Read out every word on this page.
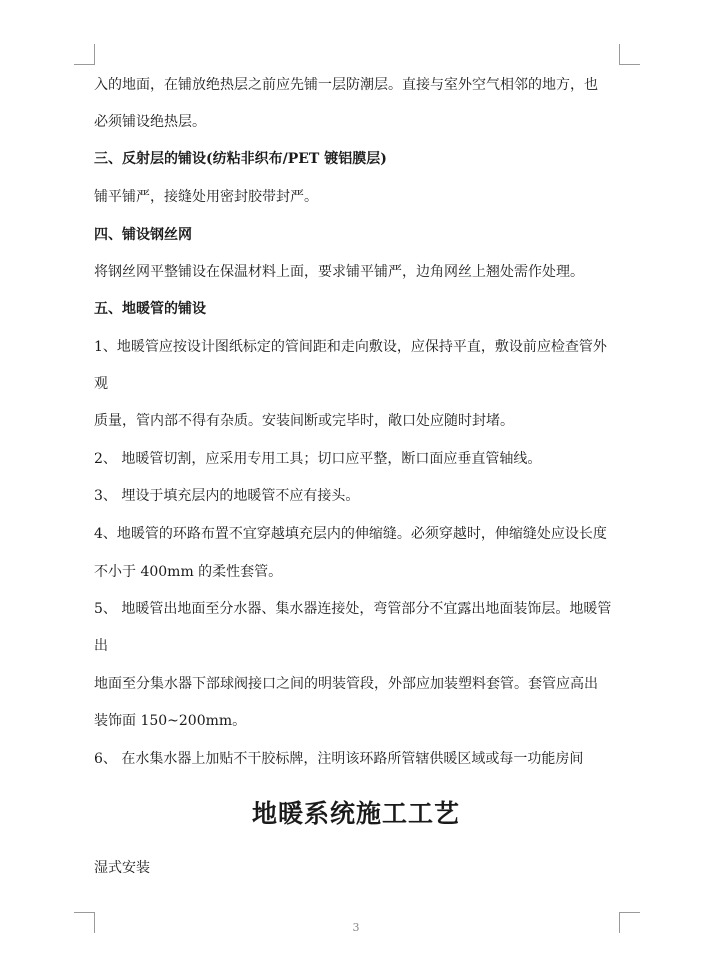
入的地面，在铺放绝热层之前应先铺一层防潮层。直接与室外空气相邻的地方，也
必须铺设绝热层。
三、反射层的铺设(纺粘非织布/PET 镀铝膜层)
铺平铺严，接缝处用密封胶带封严。
四、铺设钢丝网
将钢丝网平整铺设在保温材料上面，要求铺平铺严，边角网丝上翘处需作处理。
五、地暖管的铺设
1、地暖管应按设计图纸标定的管间距和走向敷设，应保持平直，敷设前应检查管外
观
质量，管内部不得有杂质。安装间断或完毕时，敞口处应随时封堵。
2、 地暖管切割，应采用专用工具；切口应平整，断口面应垂直管轴线。
3、 埋设于填充层内的地暖管不应有接头。
4、地暖管的环路布置不宜穿越填充层内的伸缩缝。必须穿越时，伸缩缝处应设长度
不小于 400mm 的柔性套管。
5、 地暖管出地面至分水器、集水器连接处，弯管部分不宜露出地面装饰层。地暖管
出
地面至分集水器下部球阀接口之间的明装管段，外部应加装塑料套管。套管应高出
装饰面 150~200mm。
6、 在水集水器上加贴不干胶标牌，注明该环路所管辖供暖区域或每一功能房间
地暖系统施工工艺
湿式安装
3
